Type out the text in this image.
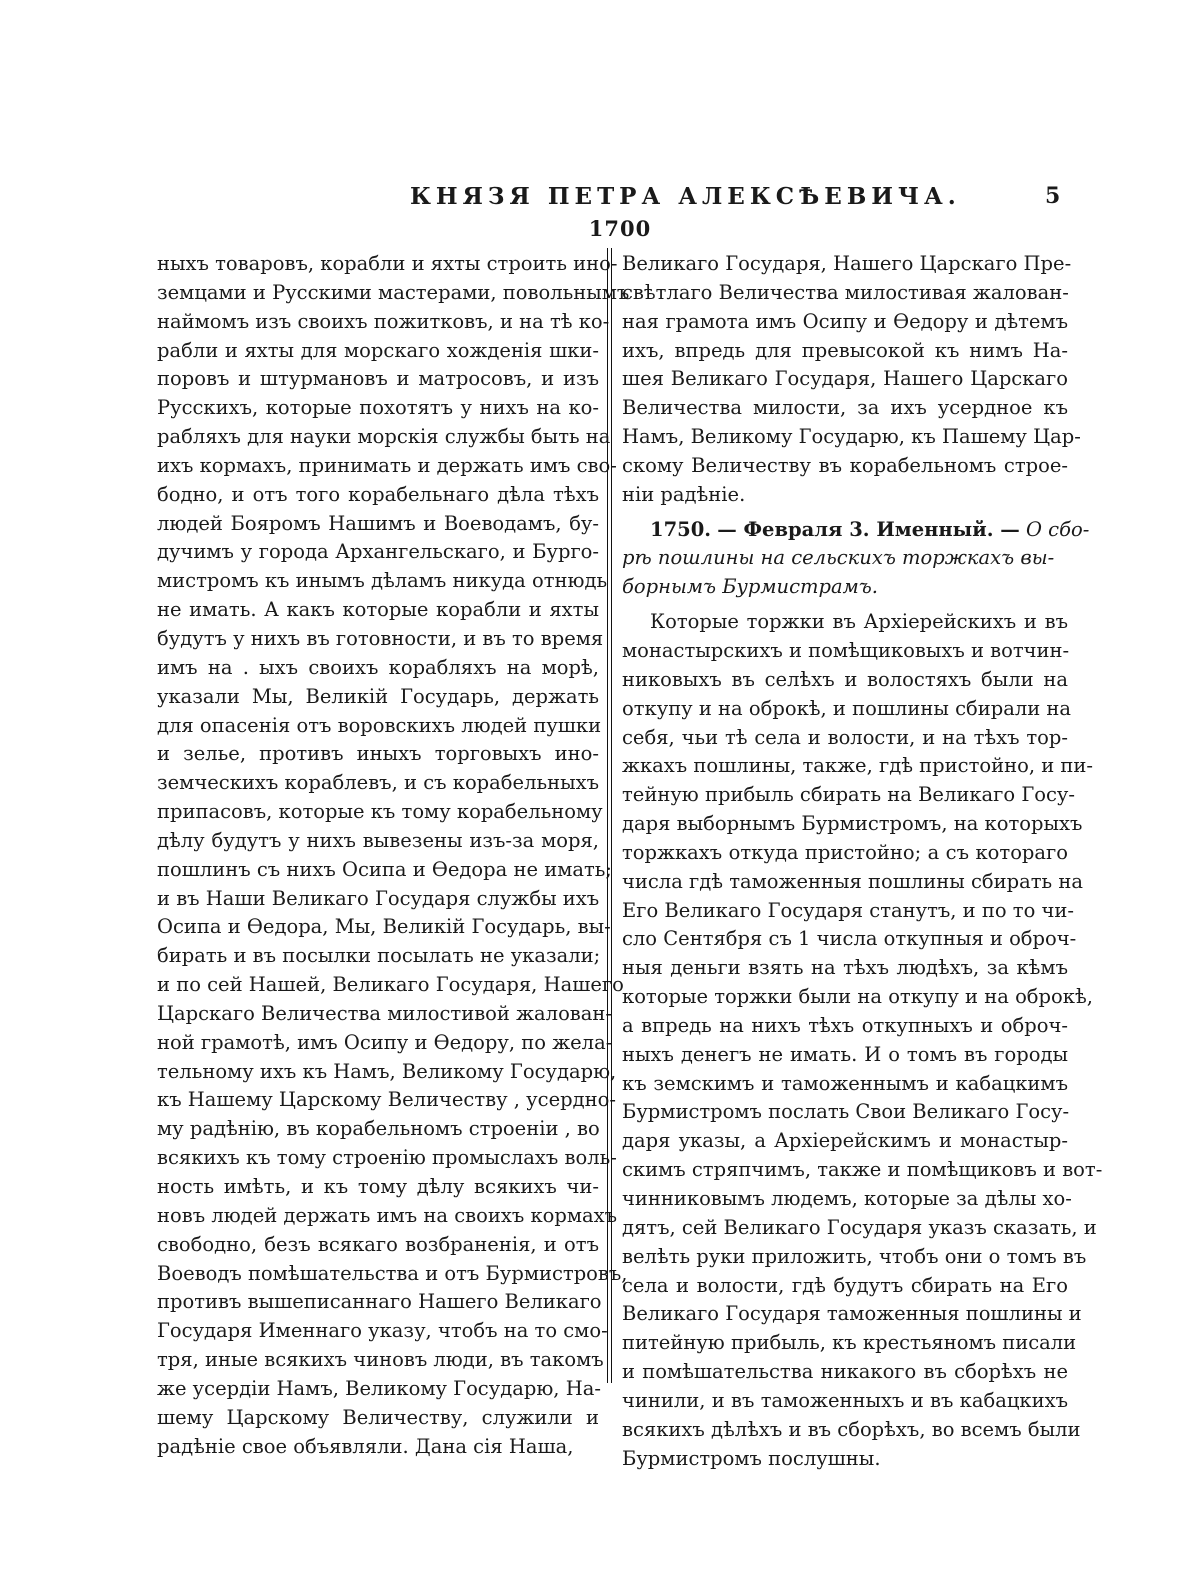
КНЯЗЯ ПЕТРА АЛЕКСѢЕВИЧА.	5
1700
ныхъ товаровъ, корабли и яхты строить ино-
земцами и Русскими мастерами, повольнымъ
наймомъ изъ своихъ пожитковъ, и на тѣ ко-
рабли и яхты для морскаго хожденія шки-
поровъ и штурмановъ и матросовъ, и изъ
Русскихъ, которые похотятъ у нихъ на ко-
рабляхъ для науки морскія службы быть на
ихъ кормахъ, принимать и держать имъ сво-
бодно, и отъ того корабельнаго дѣла тѣхъ
людей Бояромъ Нашимъ и Воеводамъ, бу-
дучимъ у города Архангельскаго, и Бурго-
мистромъ къ инымъ дѣламъ никуда отнюдь
не имать. А какъ которые корабли и яхты
будутъ у нихъ въ готовности, и въ то время
имъ на . ыхъ своихъ корабляхъ на морѣ,
указали Мы, Великій Государь, держать
для опасенія отъ воровскихъ людей пушки
и зелье, противъ иныхъ торговыхъ ино-
земческихъ кораблевъ, и съ корабельныхъ
припасовъ, которые къ тому корабельному
дѣлу будутъ у нихъ вывезены изъ-за моря,
пошлинъ съ нихъ Осипа и Ѳедора не имать;
и въ Наши Великаго Государя службы ихъ
Осипа и Ѳедора, Мы, Великій Государь, вы-
бирать и въ посылки посылать не указали;
и по сей Нашей, Великаго Государя, Нашего
Царскаго Величества милостивой жалован-
ной грамотѣ, имъ Осипу и Ѳедору, по жела-
тельному ихъ къ Намъ, Великому Государю,
къ Нашему Царскому Величеству , усердно-
му радѣнію, въ корабельномъ строеніи , во
всякихъ къ тому строенію промыслахъ воль-
ность имѣть, и къ тому дѣлу всякихъ чи-
новъ людей держать имъ на своихъ кормахъ
свободно, безъ всякаго возбраненія, и отъ
Воеводъ помѣшательства и отъ Бурмистровъ,
противъ вышеписаннаго Нашего Великаго
Государя Именнаго указу, чтобъ на то смо-
тря, иные всякихъ чиновъ люди, въ такомъ
же усердіи Намъ, Великому Государю, На-
шему Царскому Величеству, служили и
радѣніе свое объявляли. Дана сія Наша,
Великаго Государя, Нашего Царскаго Пре-
свѣтлаго Величества милостивая жалован-
ная грамота имъ Осипу и Ѳедору и дѣтемъ
ихъ, впредь для превысокой къ нимъ На-
шея Великаго Государя, Нашего Царскаго
Величества милости, за ихъ усердное къ
Намъ, Великому Государю, къ Пашему Цар-
скому Величеству въ корабельномъ строе-
ніи радѣніе.
1750. — Февраля 3. Именный. — О сбо-
рѣ пошлины на сельскихъ торжкахъ вы-
борнымъ Бурмистрамъ.
Которые торжки въ Архіерейскихъ и въ
монастырскихъ и помѣщиковыхъ и вотчин-
никовыхъ въ селѣхъ и волостяхъ были на
откупу и на оброкѣ, и пошлины сбирали на
себя, чьи тѣ села и волости, и на тѣхъ тор-
жкахъ пошлины, также, гдѣ пристойно, и пи-
тейную прибыль сбирать на Великаго Госу-
даря выборнымъ Бурмистромъ, на которыхъ
торжкахъ откуда пристойно; а съ котораго
числа гдѣ таможенныя пошлины сбирать на
Его Великаго Государя станутъ, и по то чи-
сло Сентября съ 1 числа откупныя и оброч-
ныя деньги взять на тѣхъ людѣхъ, за кѣмъ
которые торжки были на откупу и на оброкѣ,
а впредь на нихъ тѣхъ откупныхъ и оброч-
ныхъ денегъ не имать. И о томъ въ городы
къ земскимъ и таможеннымъ и кабацкимъ
Бурмистромъ послать Свои Великаго Госу-
даря указы, а Архіерейскимъ и монастыр-
скимъ стряпчимъ, также и помѣщиковъ и вот-
чинниковымъ людемъ, которые за дѣлы хо-
дятъ, сей Великаго Государя указъ сказать, и
велѣть руки приложить, чтобъ они о томъ въ
села и волости, гдѣ будутъ сбирать на Его
Великаго Государя таможенныя пошлины и
питейную прибыль, къ крестьяномъ писали
и помѣшательства никакого въ сборѣхъ не
чинили, и въ таможенныхъ и въ кабацкихъ
всякихъ дѣлѣхъ и въ сборѣхъ, во всемъ были
Бурмистромъ послушны.
